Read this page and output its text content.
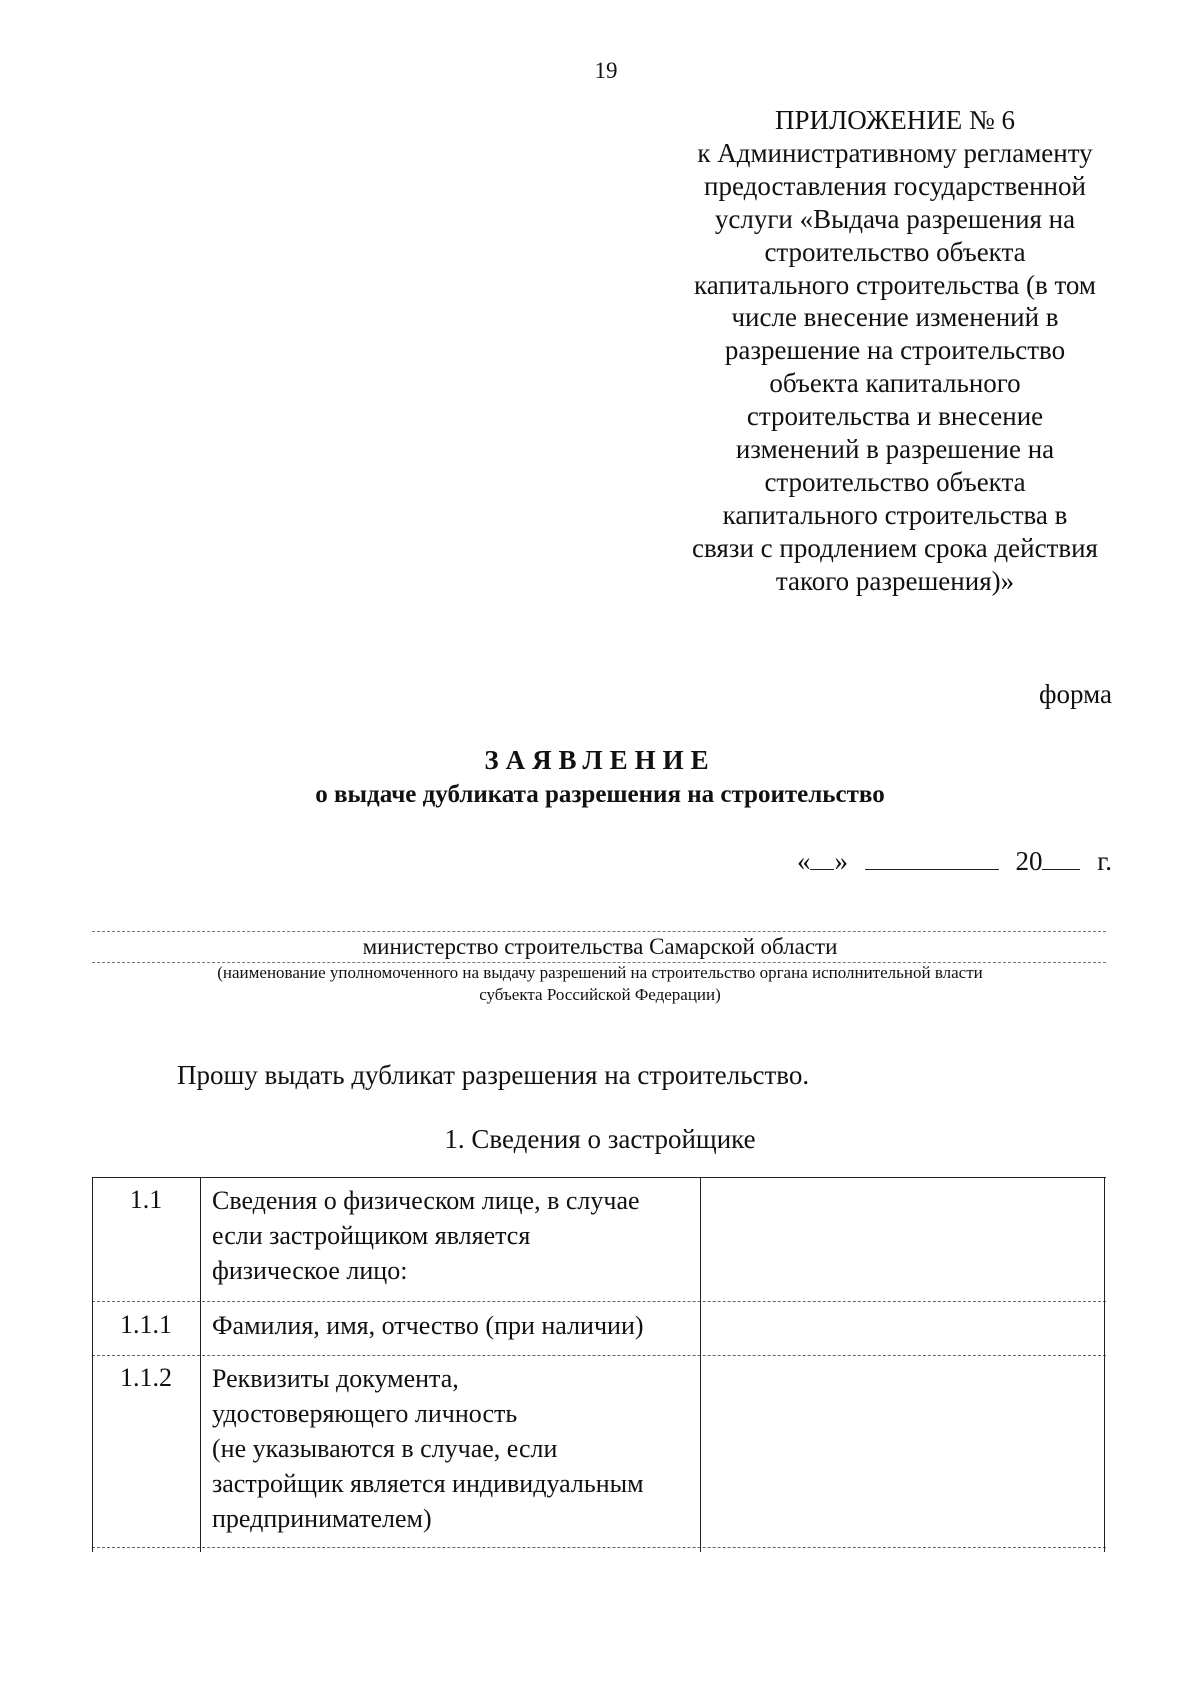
19
ПРИЛОЖЕНИЕ № 6
к Административному регламенту
предоставления государственной
услуги «Выдача разрешения на
строительство объекта
капитального строительства (в том
числе внесение изменений в
разрешение на строительство
объекта капитального
строительства и внесение
изменений в разрешение на
строительство объекта
капитального строительства в
связи с продлением срока действия
такого разрешения)»
форма
ЗАЯВЛЕНИЕ
о выдаче дубликата разрешения на строительство
« »	20 г.
министерство строительства Самарской области
(наименование уполномоченного на выдачу разрешений на строительство органа исполнительной власти
субъекта Российской Федерации)
Прошу выдать дубликат разрешения на строительство.
1. Сведения о застройщике
1.1	Сведения о физическом лице, в случае
если застройщиком является
физическое лицо:
1.1.1	Фамилия, имя, отчество (при наличии)
1.1.2	Реквизиты документа,
удостоверяющего личность
(не указываются в случае, если
застройщик является индивидуальным
предпринимателем)
